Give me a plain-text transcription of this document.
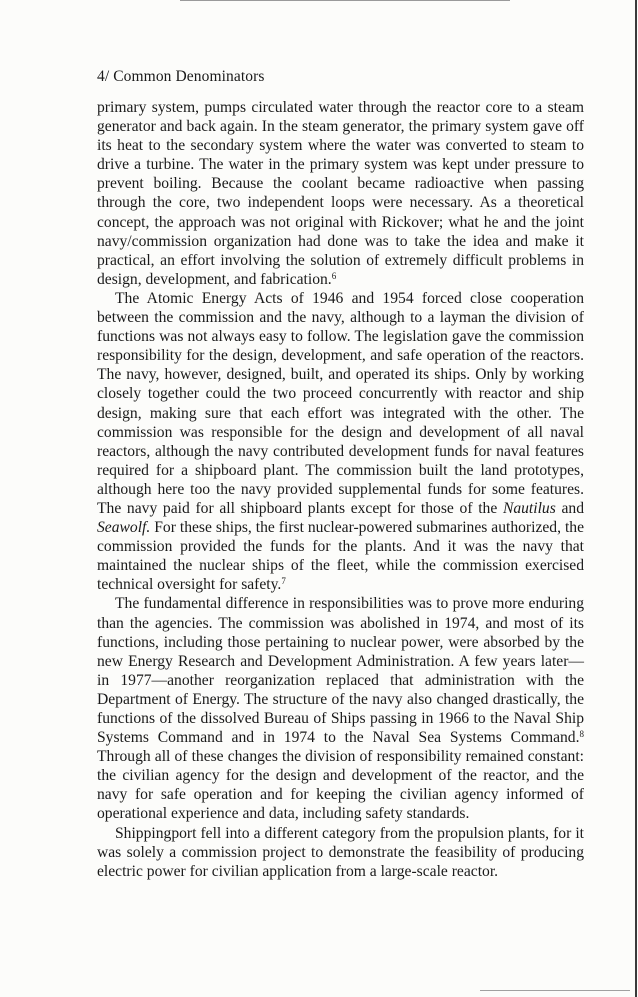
4/ Common Denominators

primary system, pumps circulated water through the reactor core to a steam generator and back again. In the steam generator, the primary system gave off its heat to the secondary system where the water was converted to steam to drive a turbine. The water in the primary system was kept under pressure to prevent boiling. Because the coolant became radioactive when passing through the core, two independent loops were necessary. As a theoretical concept, the approach was not original with Rickover; what he and the joint navy/commission organization had done was to take the idea and make it practical, an effort involving the solution of extremely difficult problems in design, development, and fabrication.$^6$

The Atomic Energy Acts of 1946 and 1954 forced close cooperation between the commission and the navy, although to a layman the division of functions was not always easy to follow. The legislation gave the commission responsibility for the design, development, and safe operation of the reactors. The navy, however, designed, built, and operated its ships. Only by working closely together could the two proceed concurrently with reactor and ship design, making sure that each effort was integrated with the other. The commission was responsible for the design and development of all naval reactors, although the navy contributed development funds for naval features required for a shipboard plant. The commission built the land prototypes, although here too the navy provided supplemental funds for some features. The navy paid for all shipboard plants except for those of the Nautilus and Seawolf. For these ships, the first nuclear-powered submarines authorized, the commission provided the funds for the plants. And it was the navy that maintained the nuclear ships of the fleet, while the commission exercised technical oversight for safety.$^7$

The fundamental difference in responsibilities was to prove more enduring than the agencies. The commission was abolished in 1974, and most of its functions, including those pertaining to nuclear power, were absorbed by the new Energy Research and Development Administration. A few years later—in 1977—another reorganization replaced that administration with the Department of Energy. The structure of the navy also changed drastically, the functions of the dissolved Bureau of Ships passing in 1966 to the Naval Ship Systems Command and in 1974 to the Naval Sea Systems Command.$^8$ Through all of these changes the division of responsibility remained constant: the civilian agency for the design and development of the reactor, and the navy for safe operation and for keeping the civilian agency informed of operational experience and data, including safety standards.

Shippingport fell into a different category from the propulsion plants, for it was solely a commission project to demonstrate the feasibility of producing electric power for civilian application from a large-scale reactor.
